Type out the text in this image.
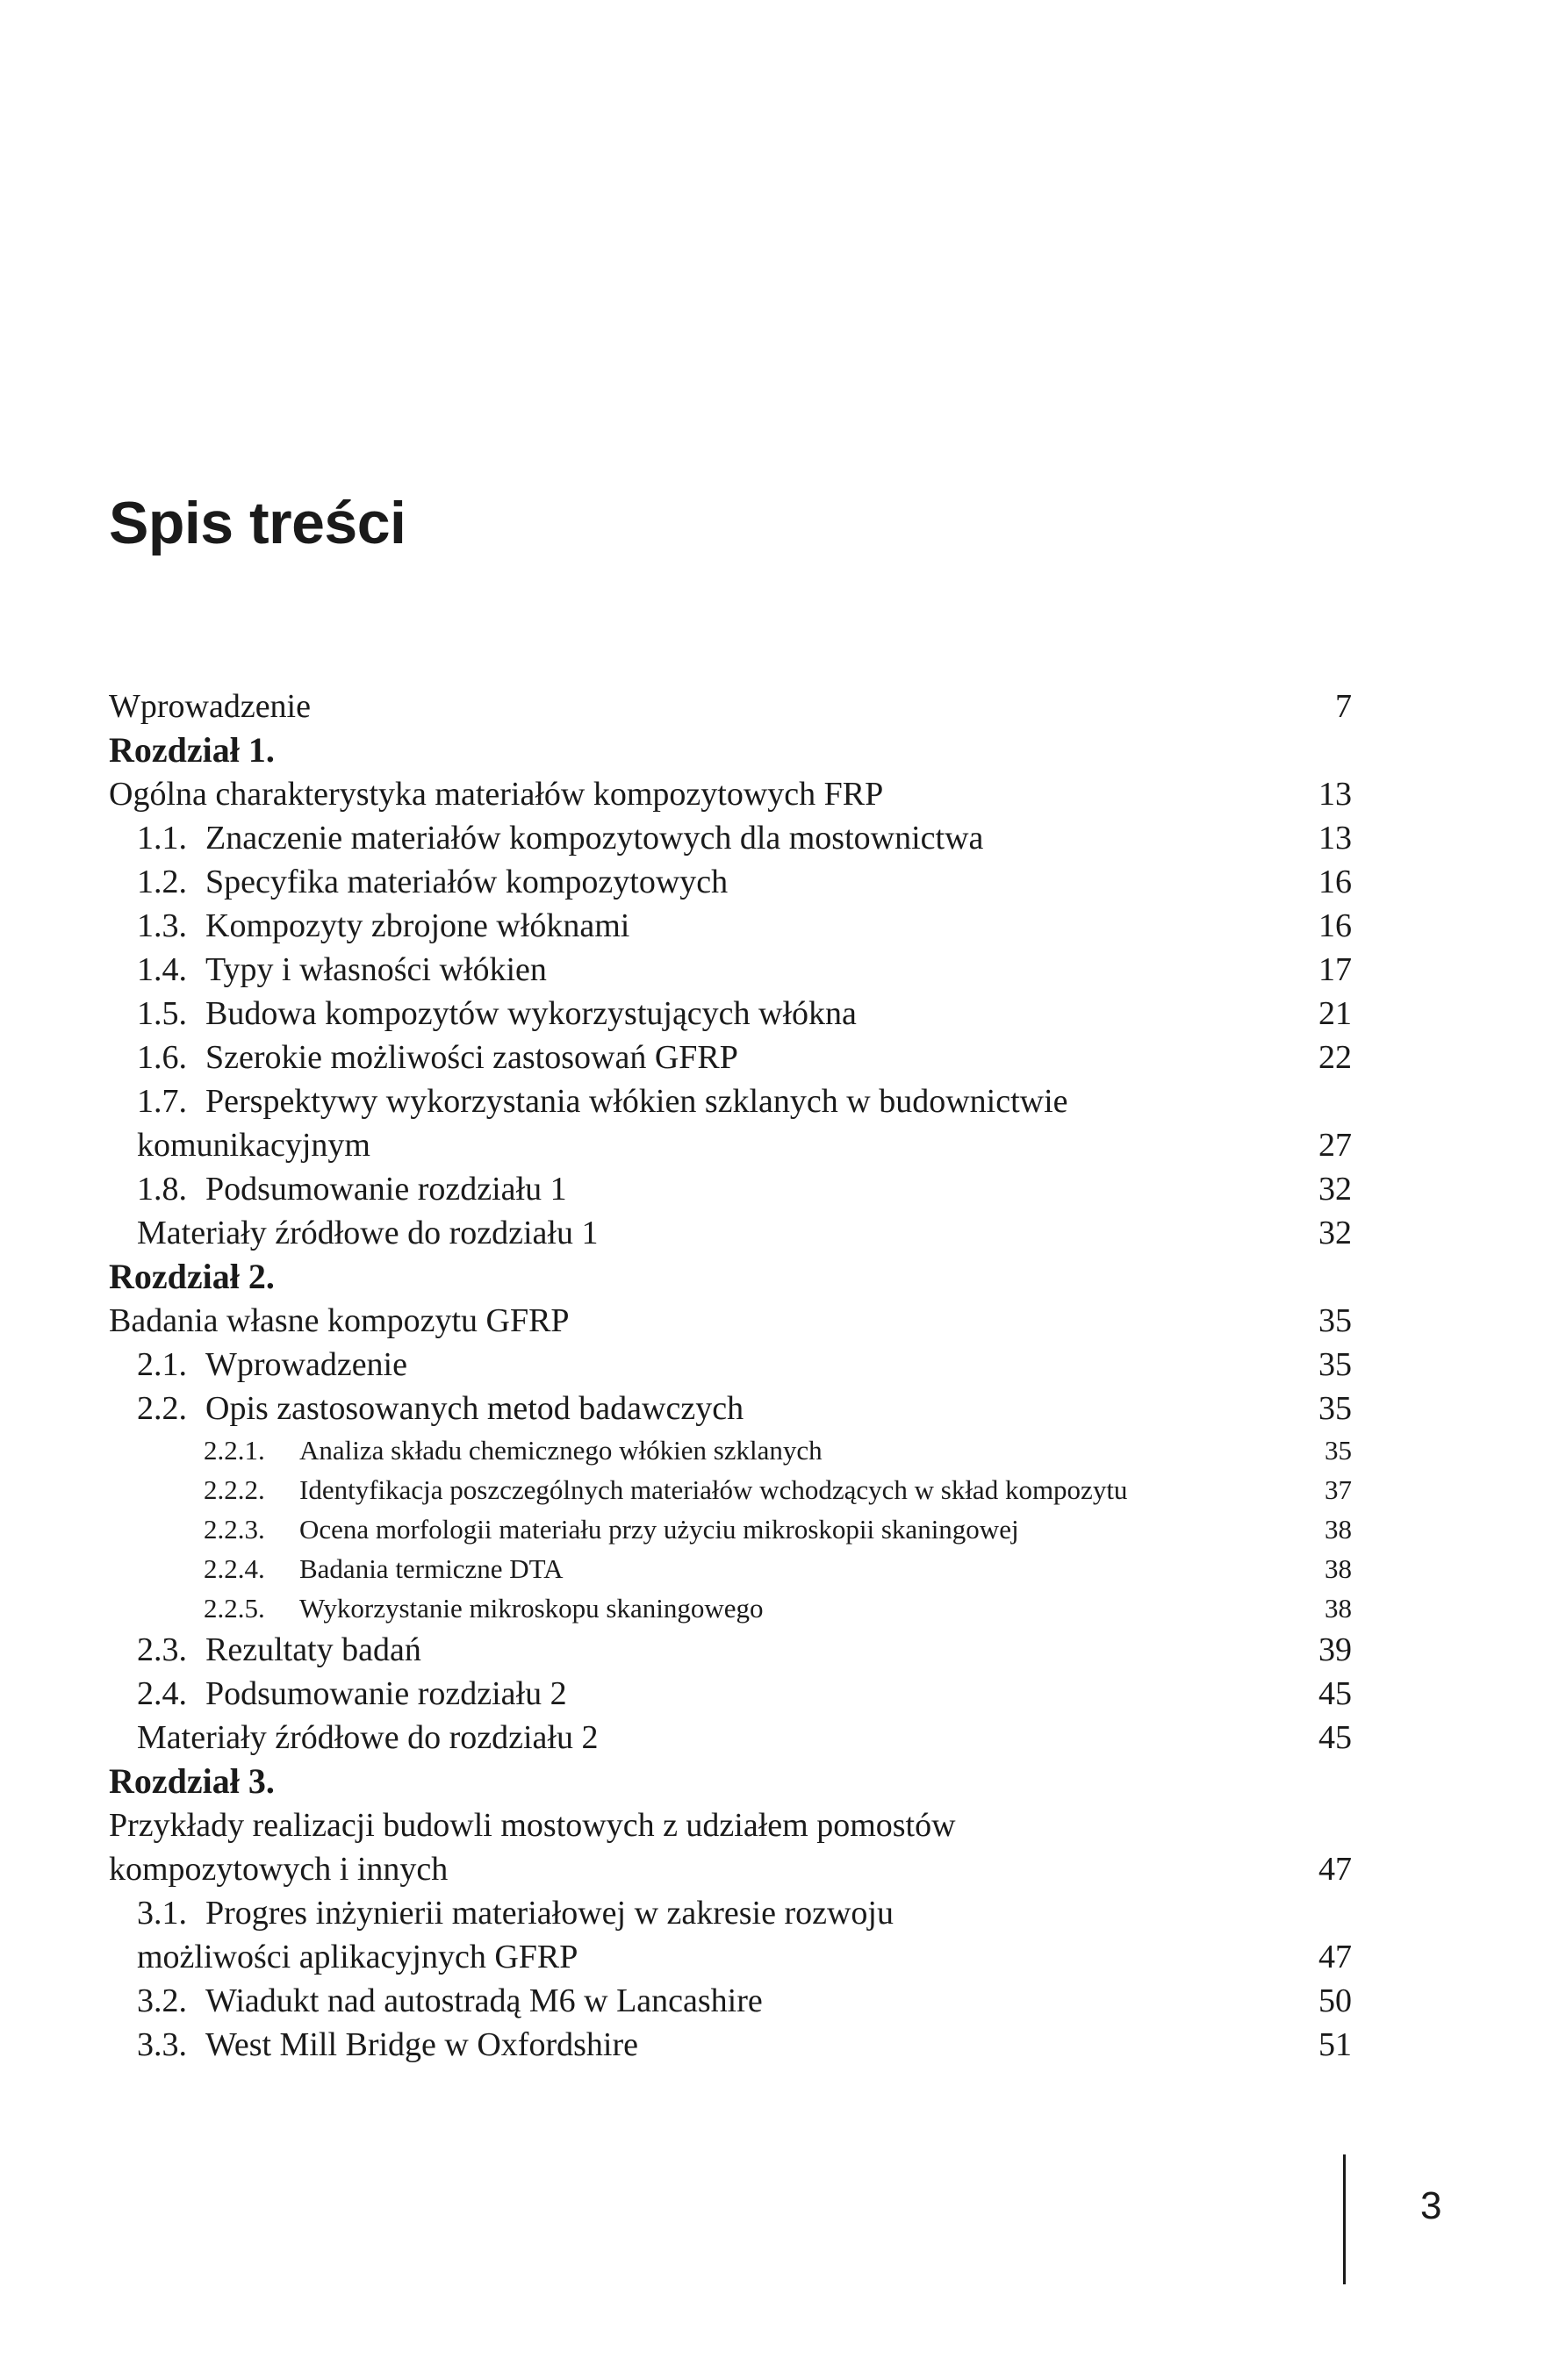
Spis treści
Wprowadzenie	7
Rozdział 1.
Ogólna charakterystyka materiałów kompozytowych FRP	13
1.1. Znaczenie materiałów kompozytowych dla mostownictwa	13
1.2. Specyfika materiałów kompozytowych	16
1.3. Kompozyty zbrojone włóknami	16
1.4. Typy i własności włókien	17
1.5. Budowa kompozytów wykorzystujących włókna	21
1.6. Szerokie możliwości zastosowań GFRP	22
1.7. Perspektywy wykorzystania włókien szklanych w budownictwie
komunikacyjnym	27
1.8. Podsumowanie rozdziału 1	32
Materiały źródłowe do rozdziału 1	32
Rozdział 2.
Badania własne kompozytu GFRP	35
2.1. Wprowadzenie	35
2.2. Opis zastosowanych metod badawczych	35
2.2.1. Analiza składu chemicznego włókien szklanych	35
2.2.2. Identyfikacja poszczególnych materiałów wchodzących w skład kompozytu	37
2.2.3. Ocena morfologii materiału przy użyciu mikroskopii skaningowej	38
2.2.4. Badania termiczne DTA	38
2.2.5. Wykorzystanie mikroskopu skaningowego	38
2.3. Rezultaty badań	39
2.4. Podsumowanie rozdziału 2	45
Materiały źródłowe do rozdziału 2	45
Rozdział 3.
Przykłady realizacji budowli mostowych z udziałem pomostów
kompozytowych i innych	47
3.1. Progres inżynierii materiałowej w zakresie rozwoju
możliwości aplikacyjnych GFRP	47
3.2. Wiadukt nad autostradą M6 w Lancashire	50
3.3. West Mill Bridge w Oxfordshire	51
3
